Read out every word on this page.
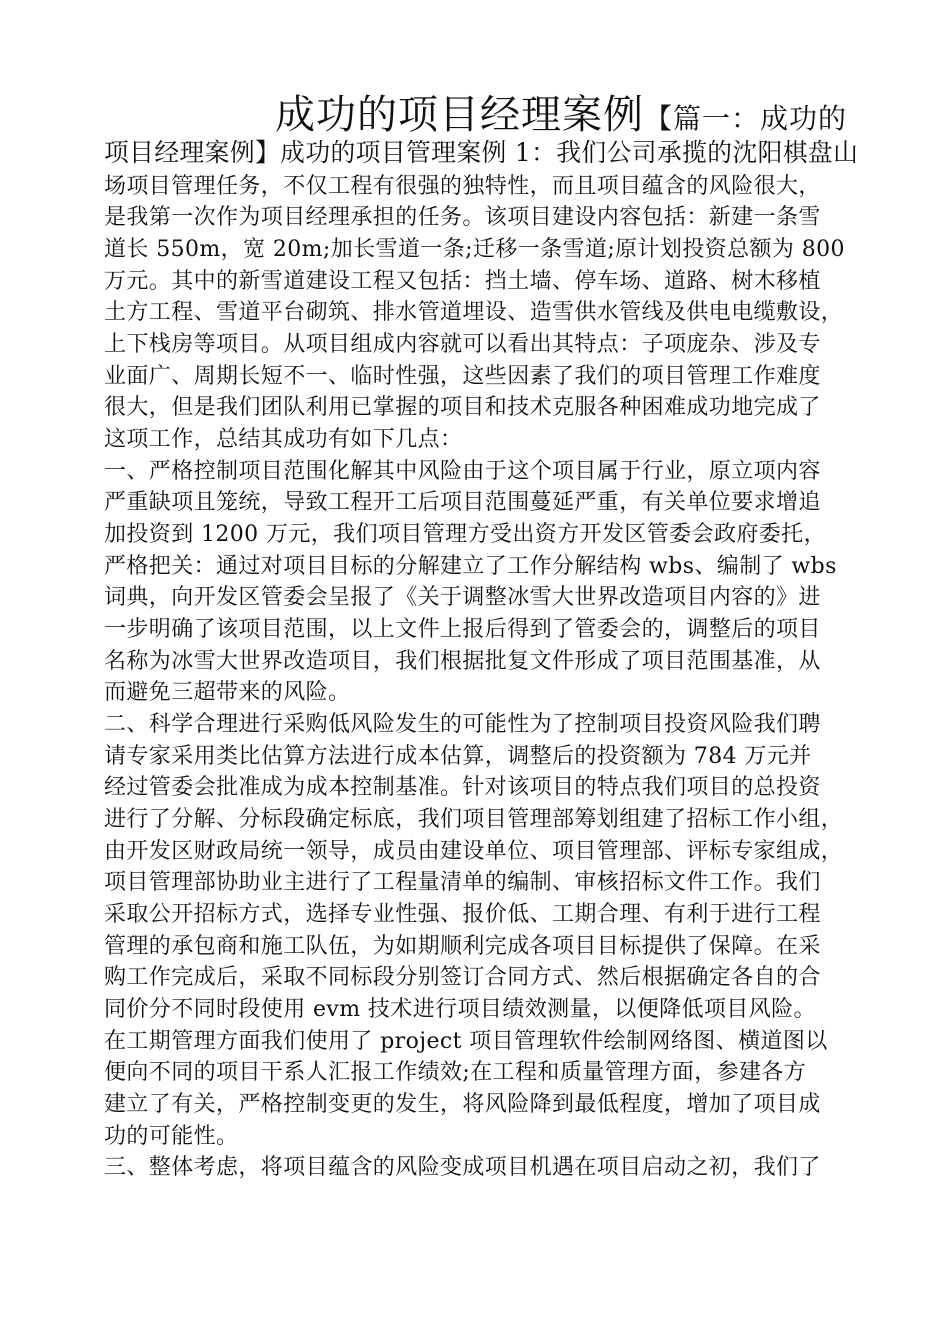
成功的项目经理案例【篇一：成功的
项目经理案例】成功的项目管理案例 1：我们公司承揽的沈阳棋盘山
场项目管理任务，不仅工程有很强的独特性，而且项目蕴含的风险很大，
是我第一次作为项目经理承担的任务。该项目建设内容包括：新建一条雪
道长 550m，宽 20m;加长雪道一条;迁移一条雪道;原计划投资总额为 800
万元。其中的新雪道建设工程又包括：挡土墙、停车场、道路、树木移植
土方工程、雪道平台砌筑、排水管道埋设、造雪供水管线及供电电缆敷设，
上下栈房等项目。从项目组成内容就可以看出其特点：子项庞杂、涉及专
业面广、周期长短不一、临时性强，这些因素了我们的项目管理工作难度
很大，但是我们团队利用已掌握的项目和技术克服各种困难成功地完成了
这项工作，总结其成功有如下几点：
一、严格控制项目范围化解其中风险由于这个项目属于行业，原立项内容
严重缺项且笼统，导致工程开工后项目范围蔓延严重，有关单位要求增追
加投资到 1200 万元，我们项目管理方受出资方开发区管委会政府委托，
严格把关：通过对项目目标的分解建立了工作分解结构 wbs、编制了 wbs
词典，向开发区管委会呈报了《关于调整冰雪大世界改造项目内容的》进
一步明确了该项目范围，以上文件上报后得到了管委会的，调整后的项目
名称为冰雪大世界改造项目，我们根据批复文件形成了项目范围基准，从
而避免三超带来的风险。
二、科学合理进行采购低风险发生的可能性为了控制项目投资风险我们聘
请专家采用类比估算方法进行成本估算，调整后的投资额为 784 万元并
经过管委会批准成为成本控制基准。针对该项目的特点我们项目的总投资
进行了分解、分标段确定标底，我们项目管理部筹划组建了招标工作小组，
由开发区财政局统一领导，成员由建设单位、项目管理部、评标专家组成，
项目管理部协助业主进行了工程量清单的编制、审核招标文件工作。我们
采取公开招标方式，选择专业性强、报价低、工期合理、有利于进行工程
管理的承包商和施工队伍，为如期顺利完成各项目目标提供了保障。在采
购工作完成后，采取不同标段分别签订合同方式、然后根据确定各自的合
同价分不同时段使用 evm 技术进行项目绩效测量，以便降低项目风险。
在工期管理方面我们使用了 project 项目管理软件绘制网络图、横道图以
便向不同的项目干系人汇报工作绩效;在工程和质量管理方面，参建各方
建立了有关，严格控制变更的发生，将风险降到最低程度，增加了项目成
功的可能性。
三、整体考虑，将项目蕴含的风险变成项目机遇在项目启动之初，我们了
